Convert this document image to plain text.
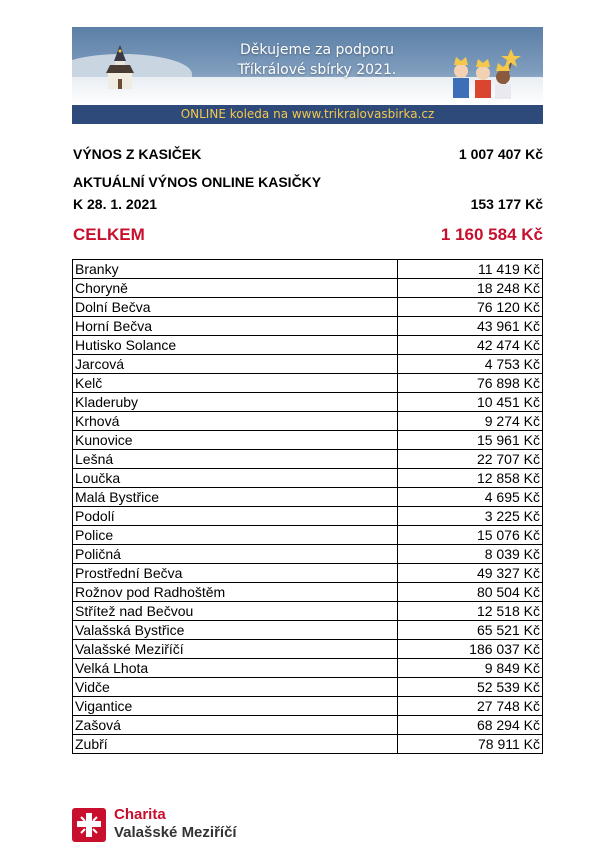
Děkujeme za podporu
Tříkrálové sbírky 2021.
ONLINE koleda na www.trikralovasbirka.cz
VÝNOS Z KASIČEK	1 007 407 Kč
AKTUÁLNÍ VÝNOS ONLINE KASIČKY
K 28. 1. 2021	153 177 Kč
CELKEM	1 160 584 Kč
Branky	11 419 Kč
Choryně	18 248 Kč
Dolní Bečva	76 120 Kč
Horní Bečva	43 961 Kč
Hutisko Solance	42 474 Kč
Jarcová	4 753 Kč
Kelč	76 898 Kč
Kladeruby	10 451 Kč
Krhová	9 274 Kč
Kunovice	15 961 Kč
Lešná	22 707 Kč
Loučka	12 858 Kč
Malá Bystřice	4 695 Kč
Podolí	3 225 Kč
Police	15 076 Kč
Poličná	8 039 Kč
Prostřední Bečva	49 327 Kč
Rožnov pod Radhoštěm	80 504 Kč
Střítež nad Bečvou	12 518 Kč
Valašská Bystřice	65 521 Kč
Valašské Meziříčí	186 037 Kč
Velká Lhota	9 849 Kč
Vidče	52 539 Kč
Vigantice	27 748 Kč
Zašová	68 294 Kč
Zubří	78 911 Kč
Charita
Valašské Meziříčí
